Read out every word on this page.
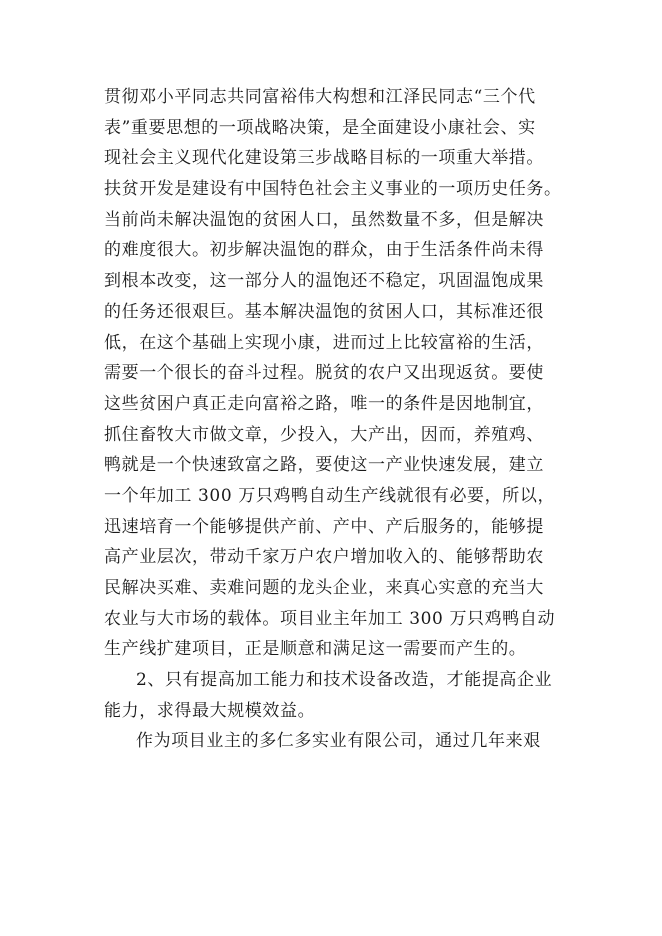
贯彻邓小平同志共同富裕伟大构想和江泽民同志“三个代
表”重要思想的一项战略决策，是全面建设小康社会、实
现社会主义现代化建设第三步战略目标的一项重大举措。
扶贫开发是建设有中国特色社会主义事业的一项历史任务。
当前尚未解决温饱的贫困人口，虽然数量不多，但是解决
的难度很大。初步解决温饱的群众，由于生活条件尚未得
到根本改变，这一部分人的温饱还不稳定，巩固温饱成果
的任务还很艰巨。基本解决温饱的贫困人口，其标准还很
低，在这个基础上实现小康，进而过上比较富裕的生活，
需要一个很长的奋斗过程。脱贫的农户又出现返贫。要使
这些贫困户真正走向富裕之路，唯一的条件是因地制宜，
抓住畜牧大市做文章，少投入，大产出，因而，养殖鸡、
鸭就是一个快速致富之路，要使这一产业快速发展，建立
一个年加工 300 万只鸡鸭自动生产线就很有必要，所以，
迅速培育一个能够提供产前、产中、产后服务的，能够提
高产业层次，带动千家万户农户增加收入的、能够帮助农
民解决买难、卖难问题的龙头企业，来真心实意的充当大
农业与大市场的载体。项目业主年加工 300 万只鸡鸭自动
生产线扩建项目，正是顺意和满足这一需要而产生的。
2、只有提高加工能力和技术设备改造，才能提高企业
能力，求得最大规模效益。
作为项目业主的多仁多实业有限公司，通过几年来艰
